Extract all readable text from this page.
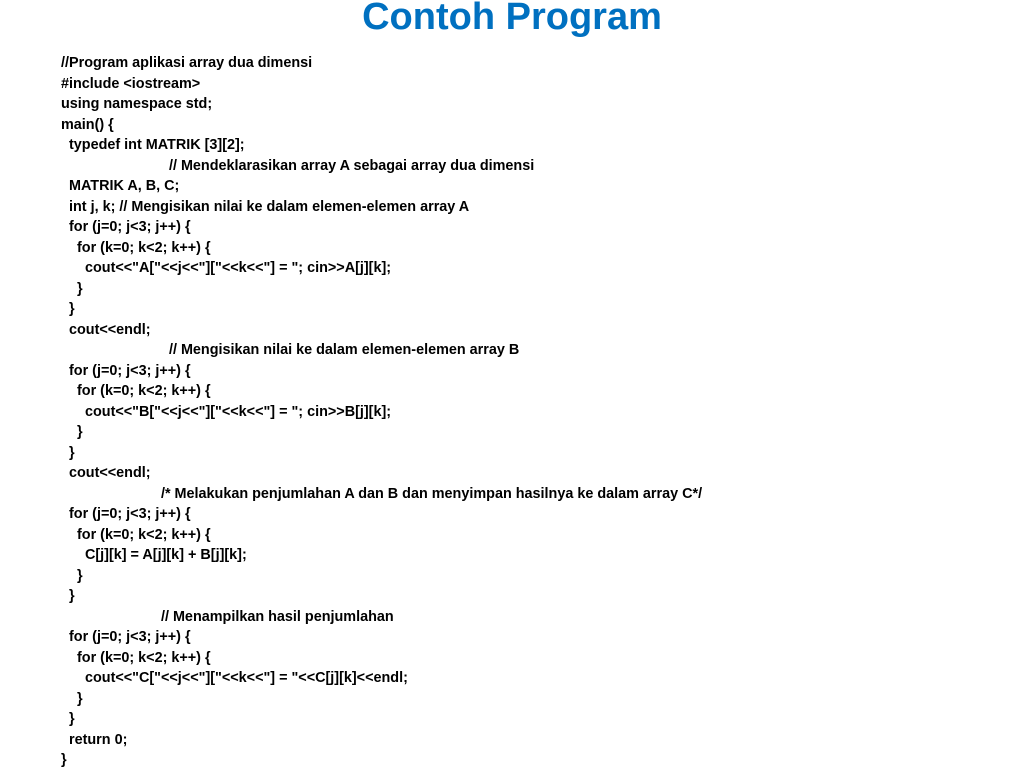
Contoh Program
//Program aplikasi array dua dimensi
#include <iostream>
using namespace std;
main() {
typedef int MATRIK [3][2];
// Mendeklarasikan array A sebagai array dua dimensi
MATRIK A, B, C;
int j, k; // Mengisikan nilai ke dalam elemen-elemen array A
for (j=0; j<3; j++) {
for (k=0; k<2; k++) {
cout<<"A["<<j<<"]["<<k<<"] = "; cin>>A[j][k];
}
}
cout<<endl;
// Mengisikan nilai ke dalam elemen-elemen array B
for (j=0; j<3; j++) {
for (k=0; k<2; k++) {
cout<<"B["<<j<<"]["<<k<<"] = "; cin>>B[j][k];
}
}
cout<<endl;
/* Melakukan penjumlahan A dan B dan menyimpan hasilnya ke dalam array C*/
for (j=0; j<3; j++) {
for (k=0; k<2; k++) {
C[j][k] = A[j][k] + B[j][k];
}
}
// Menampilkan hasil penjumlahan
for (j=0; j<3; j++) {
for (k=0; k<2; k++) {
cout<<"C["<<j<<"]["<<k<<"] = "<<C[j][k]<<endl;
}
}
return 0;
}
